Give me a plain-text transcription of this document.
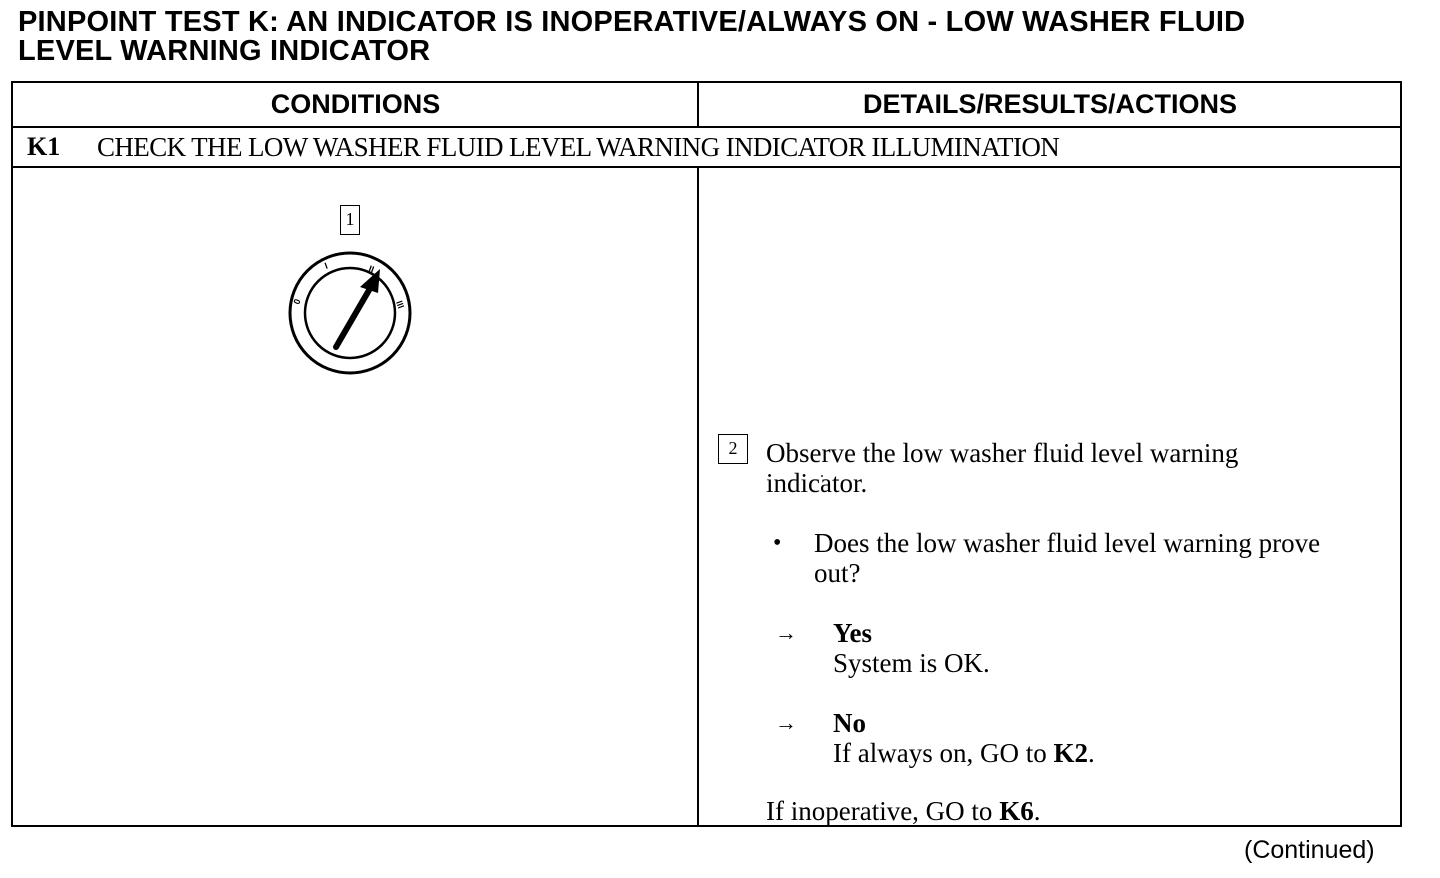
PINPOINT TEST K: AN INDICATOR IS INOPERATIVE/ALWAYS ON - LOW WASHER FLUID
LEVEL WARNING INDICATOR
CONDITIONS	DETAILS/RESULTS/ACTIONS
K1 CHECK THE LOW WASHER FLUID LEVEL WARNING INDICATOR ILLUMINATION
1
0
I	II
III
2	Observe the low washer fluid level warning
indicator.
• Does the low washer fluid level warning prove
out?
→ Yes
System is OK.
→ No
If always on, GO to K2.
If inoperative, GO to K6.
(Continued)
